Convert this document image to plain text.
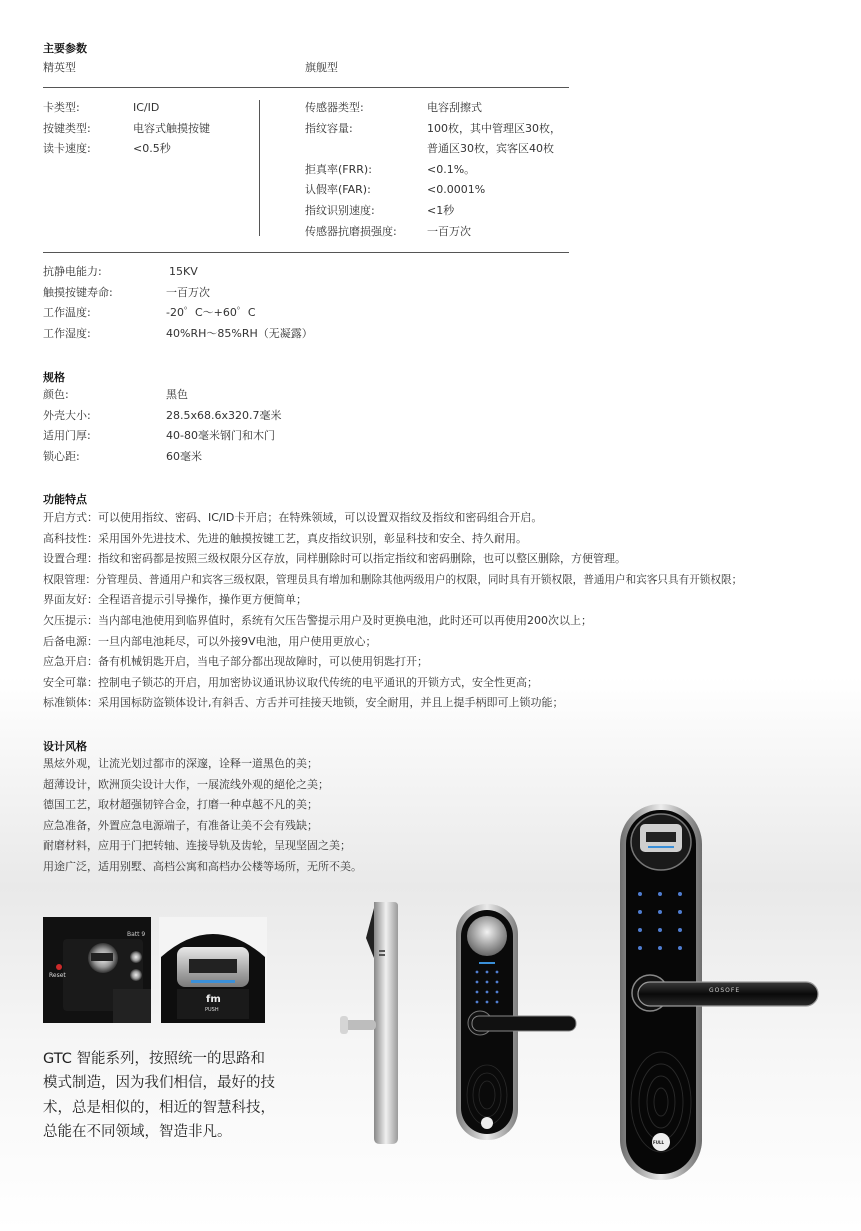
主要参数
精英型	旗舰型
卡类型:	IC/ID
按键类型:	电容式触摸按键
读卡速度:	<0.5秒
传感器类型:	电容刮擦式
指纹容量:	100枚，其中管理区30枚，
普通区30枚，宾客区40枚
拒真率(FRR):	<0.1%。
认假率(FAR):	<0.0001%
指纹识别速度:	<1秒
传感器抗磨损强度:	一百万次
抗静电能力:	15KV
触摸按键寿命:	一百万次
工作温度:	-20゜C～+60゜C
工作湿度:	40%RH～85%RH（无凝露）
规格
颜色:	黑色
外壳大小:	28.5x68.6x320.7毫米
适用门厚:	40-80毫米钢门和木门
锁心距:	60毫米
功能特点
开启方式：可以使用指纹、密码、IC/ID卡开启；在特殊领域，可以设置双指纹及指纹和密码组合开启。
高科技性：采用国外先进技术、先进的触摸按键工艺，真皮指纹识别，彰显科技和安全、持久耐用。
设置合理：指纹和密码都是按照三级权限分区存放，同样删除时可以指定指纹和密码删除，也可以整区删除，方便管理。
权限管理：分管理员、普通用户和宾客三级权限，管理员具有增加和删除其他两级用户的权限，同时具有开锁权限，普通用户和宾客只具有开锁权限；
界面友好：全程语音提示引导操作，操作更方便简单；
欠压提示：当内部电池使用到临界值时，系统有欠压告警提示用户及时更换电池，此时还可以再使用200次以上；
后备电源：一旦内部电池耗尽，可以外接9V电池，用户使用更放心；
应急开启：备有机械钥匙开启，当电子部分都出现故障时，可以使用钥匙打开；
安全可靠：控制电子锁芯的开启，用加密协议通讯协议取代传统的电平通讯的开锁方式，安全性更高；
标准锁体：采用国标防盗锁体设计,有斜舌、方舌并可挂接天地锁，安全耐用，并且上提手柄即可上锁功能；
设计风格
黑炫外观，让流光划过都市的深邃，诠释一道黑色的美；
超薄设计，欧洲顶尖设计大作，一展流线外观的絕伦之美；
德国工艺，取材超强韧锌合金，打磨一种卓越不凡的美；
应急准备，外置应急电源端子，有准备让美不会有残缺；
耐磨材料，应用于门把转轴、连接导轨及齿轮，呈现坚固之美；
用途广泛，适用别墅、高档公寓和高档办公楼等场所，无所不美。
Reset
Batt 9
fm
PUSH
GTC 智能系列，按照统一的思路和
模式制造，因为我们相信，最好的技
术，总是相似的，相近的智慧科技，
总能在不同领域，智造非凡。
GOSOFE
FULL
